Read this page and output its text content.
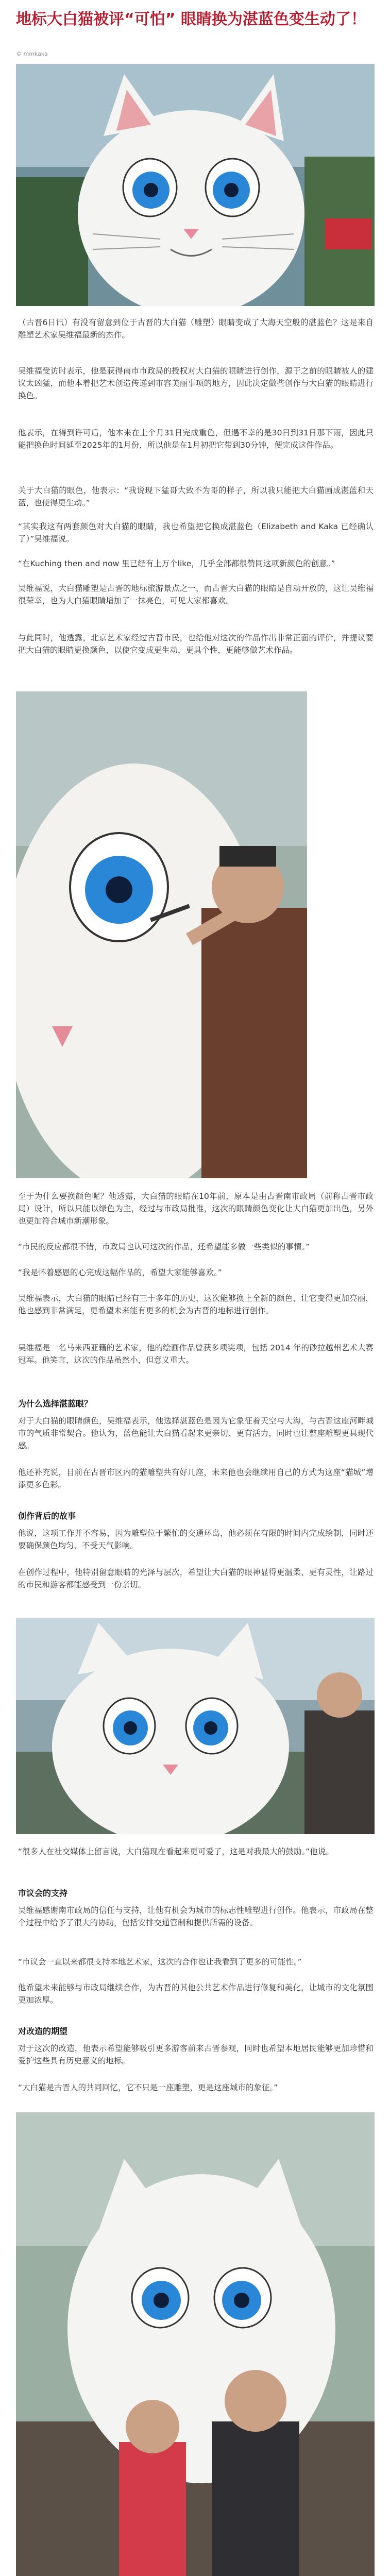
地标大白猫被评“可怕” 眼睛换为湛蓝色变生动了！
© mmkaka
（古晋6日讯）有没有留意到位于古晋的大白猫（雕塑）眼睛变成了大海天空般的湛蓝色？这是来自雕塑艺术家吴维福最新的杰作。
吴维福受访时表示，他是获得南市市政局的授权对大白猫的眼睛进行创作，源于之前的眼睛被人的建议太凶猛，而他本着把艺术创造传递到市容美丽事项的地方，因此决定做些创作与大白猫的眼睛进行换色。
他表示，在得到许可后，他本来在上个月31日完成重色，但遇不幸的是30日到31日那下雨，因此只能把换色时间延至2025年的1月份，所以他是在1月初把它带到30分钟，便完成这件作品。
关于大白猫的眼色，他表示：“我说现下猛哥大致不为哥的样子，所以我只能把大白猫画成湛蓝和天蓝，也使得更生动。”
“其实我这有两套颜色对大白猫的眼睛，我也希望把它换成湛蓝色（Elizabeth and Kaka 已经确认了）”吴维福说。
“在Kuching then and now 里已经有上万个like，几乎全部都很赞同这项新颜色的创意。”
吴维福说，大白猫雕塑是古晋的地标旅游景点之一，而古晋大白猫的眼睛是自动开放的，这让吴维福很荣幸，也为大白猫眼睛增加了一抹亮色，可见大家都喜欢。
与此同时，他透露，北京艺术家经过古晋市民，也给他对这次的作品作出非常正面的评价，并提议要把大白猫的眼睛更换颜色，以使它变成更生动，更具个性，更能够做艺术作品。
至于为什么要换颜色呢？他透露，大白猫的眼睛在10年前，原本是由古晋南市政局（前称古晋市政局）设计，所以只能以绿色为主，经过与市政局批准，这次的眼睛颜色变化让大白猫更加出色，另外也更加符合城市新潮形象。
“市民的反应都很不错，市政局也认可这次的作品，还希望能多做一些类似的事情。”
“我是怀着感恩的心完成这幅作品的，希望大家能够喜欢。”
吴维福表示，大白猫的眼睛已经有三十多年的历史，这次能够换上全新的颜色，让它变得更加亮丽，他也感到非常满足，更希望未来能有更多的机会为古晋的地标进行创作。
吴维福是一名马来西亚籍的艺术家，他的绘画作品曾获多项奖项，包括 2014 年的砂拉越州艺术大赛冠军。他笑言，这次的作品虽然小，但意义重大。
为什么选择湛蓝眼？
对于大白猫的眼睛颜色，吴维福表示，他选择湛蓝色是因为它象征着天空与大海，与古晋这座河畔城市的气质非常契合。他认为，蓝色能让大白猫看起来更亲切、更有活力，同时也让整座雕塑更具现代感。
他还补充说，目前在古晋市区内的猫雕塑共有好几座，未来他也会继续用自己的方式为这座“猫城”增添更多色彩。
创作背后的故事
他说，这项工作并不容易，因为雕塑位于繁忙的交通环岛，他必须在有限的时间内完成绘制，同时还要确保颜色均匀、不受天气影响。
在创作过程中，他特别留意眼睛的光泽与层次，希望让大白猫的眼神显得更温柔、更有灵性，让路过的市民和游客都能感受到一份亲切。
“很多人在社交媒体上留言说，大白猫现在看起来更可爱了，这是对我最大的鼓励。”他说。
市议会的支持
吴维福感谢南市政局的信任与支持，让他有机会为城市的标志性雕塑进行创作。他表示，市政局在整个过程中给予了很大的协助，包括安排交通管制和提供所需的设备。
“市议会一直以来都很支持本地艺术家，这次的合作也让我看到了更多的可能性。”
他希望未来能够与市政局继续合作，为古晋的其他公共艺术作品进行修复和美化，让城市的文化氛围更加浓厚。
对改造的期望
对于这次的改造，他表示希望能够吸引更多游客前来古晋参观，同时也希望本地居民能够更加珍惜和爱护这些具有历史意义的地标。
“大白猫是古晋人的共同回忆，它不只是一座雕塑，更是这座城市的象征。”
